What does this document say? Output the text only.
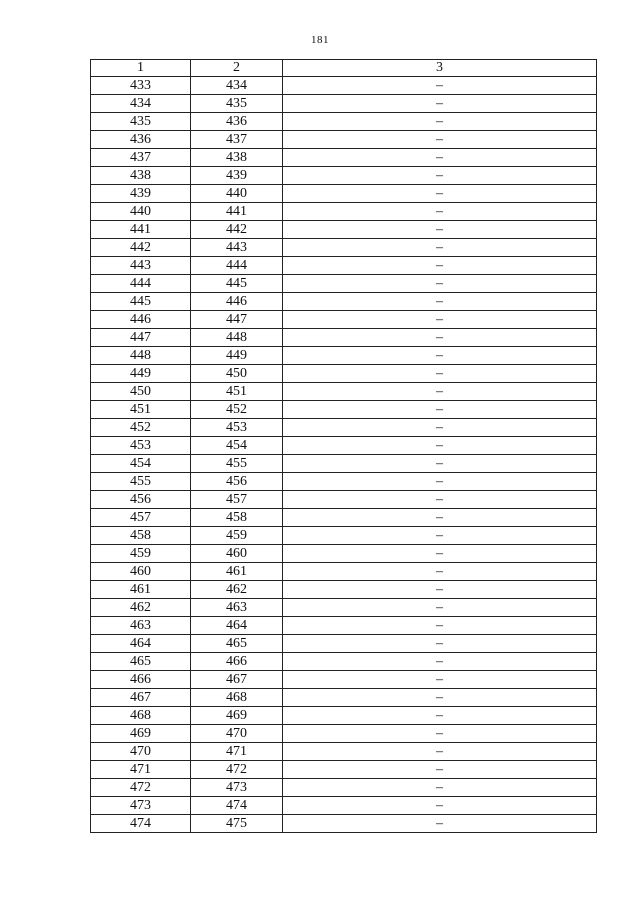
181
1	2	3
433	434	–
434	435	–
435	436	–
436	437	–
437	438	–
438	439	–
439	440	–
440	441	–
441	442	–
442	443	–
443	444	–
444	445	–
445	446	–
446	447	–
447	448	–
448	449	–
449	450	–
450	451	–
451	452	–
452	453	–
453	454	–
454	455	–
455	456	–
456	457	–
457	458	–
458	459	–
459	460	–
460	461	–
461	462	–
462	463	–
463	464	–
464	465	–
465	466	–
466	467	–
467	468	–
468	469	–
469	470	–
470	471	–
471	472	–
472	473	–
473	474	–
474	475	–
